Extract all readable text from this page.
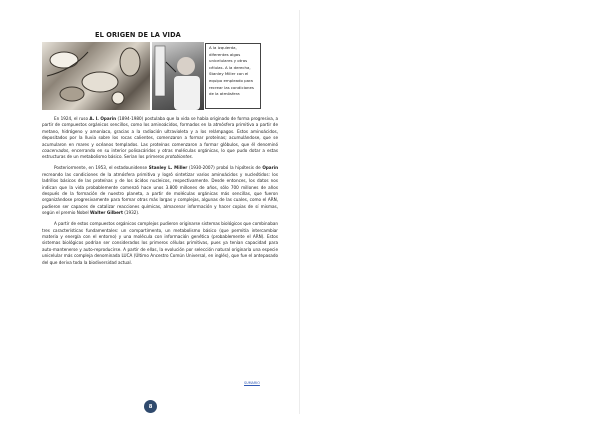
EL ORIGEN DE LA VIDA
A la izquierda, diferentes algas unicelulares y otras células. A la derecha, Stanley Miller con el equipo empleado para recrear las condiciones de la atmósfera

En 1924, el ruso A. I. Oparin (1894-1980) postulaba que la vida se había originado de forma progresiva, a partir de compuestos orgánicos sencillos, como los aminoácidos, formados en la atmósfera primitiva a partir de metano, hidrógeno y amoníaco, gracias a la radiación ultravioleta y a los relámpagos. Estos aminoácidos, depositados por la lluvia sobre los rocas calientes, comenzaron a formar proteínas; acumulándose, que se acumularon en mares y océanos templados. Las proteínas comenzaron a formar glóbulos, que él denominó coacervados, encerrando en su interior polisacáridos y otras moléculas orgánicas, lo que pudo dotar a estas estructuras de un metabolismo básico. Serían los primeros protobiontes.

Posteriormente, en 1953, el estadounidense Stanley L. Miller (1930-2007) probó la hipótesis de Oparin recreando las condiciones de la atmósfera primitiva y logró sintetizar varios aminoácidos y nucleótidos: los ladrillos básicos de las proteínas y de los ácidos nucleicos, respectivamente. Desde entonces, los datos nos indican que la vida probablemente comenzó hace unos 3.800 millones de años, sólo 700 millones de años después de la formación de nuestro planeta, a partir de moléculas orgánicas más sencillas, que fueron organizándose progresivamente para formar otras más largas y complejas, algunas de las cuales, como el ARN, pudieron ser capaces de catalizar reacciones químicas, almacenar información y hacer copias de sí mismas, según el premio Nobel Walter Gilbert (1932).

A partir de estos compuestos orgánicos complejos pudieron originarse sistemas biológicos que combinaban tres características fundamentales: un compartimento, un metabolismo básico (que permitía intercambiar materia y energía con el entorno) y una molécula con información genética (probablemente el ARN). Estos sistemas biológicos podrían ser considerados los primeros células primitivas, pues ya tenían capacidad para auto-mantenerse y auto-reproducirse. A partir de ellas, la evolución por selección natural originaría una especie unicelular más compleja denominada LUCA (Último Ancestro Común Universal, en inglés), que fue el antepasado del que deriva toda la biodiversidad actual.

SUMARIO
8
